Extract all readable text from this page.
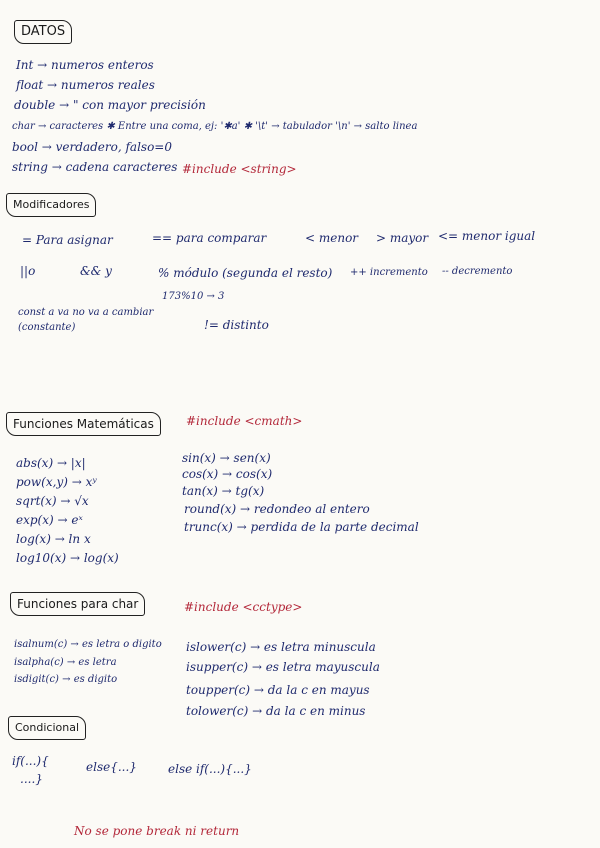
DATOS
Int → numeros enteros
float → numeros reales
double → " con mayor precisión
char → caracteres ✱ Entre una coma, ej: '✱a' ✱ '\t' → tabulador '\n' → salto linea
bool → verdadero, falso=0
string → cadena caracteres #include <string>
Modificadores
= Para asignar	== para comparar	< menor > mayor <= menor igual
||o	&& y	% módulo (segunda el resto) ++ incremento -- decremento
173%10 → 3
const a va no va a cambiar
(constante)	!= distinto
Funciones Matemáticas	#include <cmath>
abs(x) → |x|
pow(x,y) → xʸ
sqrt(x) → √x
exp(x) → eˣ
log(x) → ln x
log10(x) → log(x)
sin(x) → sen(x)
cos(x) → cos(x)
tan(x) → tg(x)
round(x) → redondeo al entero
trunc(x) → perdida de la parte decimal
Funciones para char	#include <cctype>
isalnum(c) → es letra o digito
isalpha(c) → es letra
isdigit(c) → es digito
islower(c) → es letra minuscula
isupper(c) → es letra mayuscula
toupper(c) → da la c en mayus
tolower(c) → da la c en minus
Condicional
if(...){
....}
else{...}	else if(...){...}
No se pone break ni return
